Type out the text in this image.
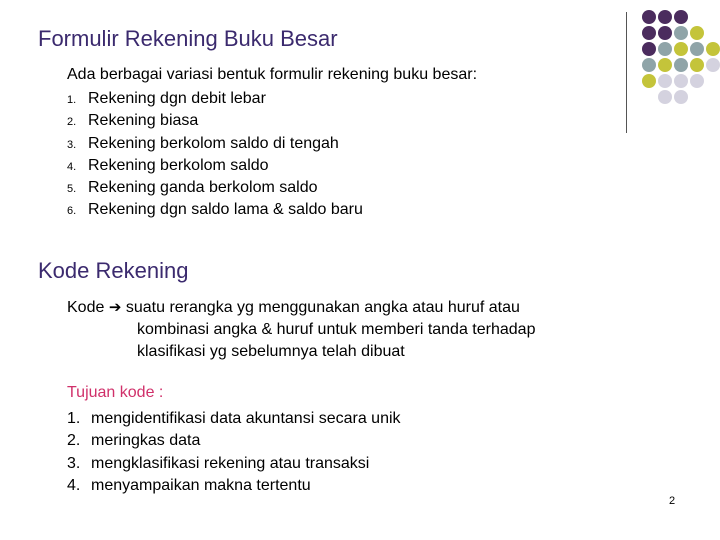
Formulir Rekening Buku Besar
Ada berbagai variasi bentuk formulir rekening buku besar:
1. Rekening dgn debit lebar
2. Rekening biasa
3. Rekening berkolom saldo di tengah
4. Rekening berkolom saldo
5. Rekening ganda berkolom saldo
6. Rekening dgn saldo lama & saldo baru
Kode Rekening
Kode ➔ suatu rerangka yg menggunakan angka atau huruf atau
kombinasi angka & huruf untuk memberi tanda terhadap
klasifikasi yg sebelumnya telah dibuat
Tujuan kode :
1. mengidentifikasi data akuntansi secara unik
2. meringkas data
3. mengklasifikasi rekening atau transaksi
4. menyampaikan makna tertentu
2
